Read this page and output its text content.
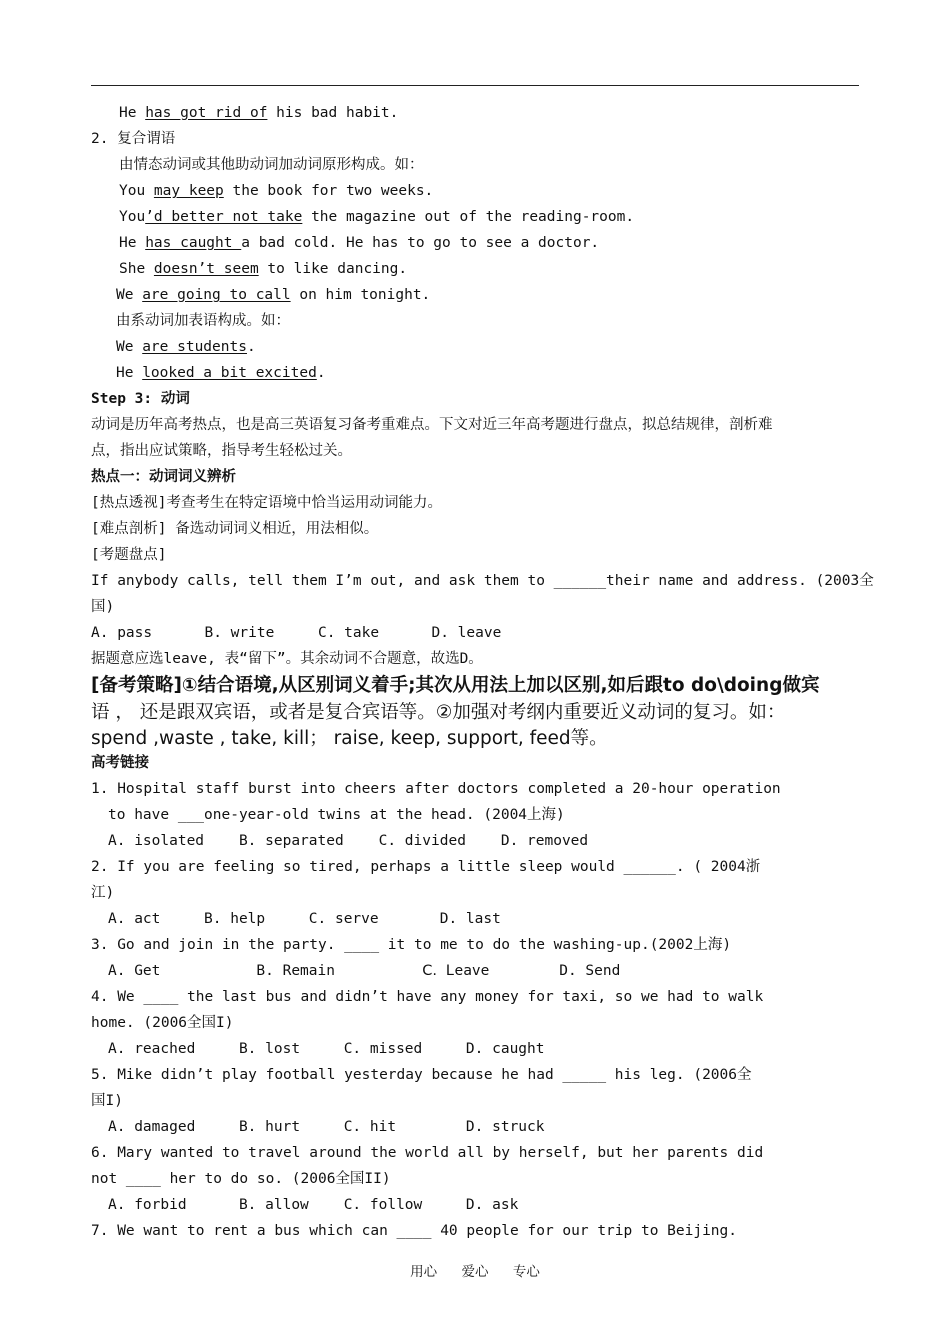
He has got rid of his bad habit.
2. 复合谓语
由情态动词或其他助动词加动词原形构成。如：
You may keep the book for two weeks.
You’d better not take the magazine out of the reading-room.
He has caught a bad cold. He has to go to see a doctor.
She doesn’t seem to like dancing.
We are going to call on him tonight.
由系动词加表语构成。如：
We are students.
He looked a bit excited.
Step 3: 动词
动词是历年高考热点，也是高三英语复习备考重难点。下文对近三年高考题进行盘点，拟总结规律，剖析难
点，指出应试策略，指导考生轻松过关。
热点一：动词词义辨析
[热点透视]考查考生在特定语境中恰当运用动词能力。
[难点剖析] 备选动词词义相近，用法相似。
[考题盘点]
If anybody calls, tell them I’m out, and ask them to ______their name and address. (2003全
国)
A. pass      B. write     C. take      D. leave
据题意应选leave, 表“留下”。其余动词不合题意，故选D。
[备考策略]①结合语境,从区别词义着手;其次从用法上加以区别,如后跟to do\doing做宾
语 ， 还是跟双宾语，或者是复合宾语等。②加强对考纲内重要近义动词的复习。如：
spend ,waste , take, kill； raise, keep, support, feed等。
高考链接
1. Hospital staff burst into cheers after doctors completed a 20-hour operation
to have ___one-year-old twins at the head. (2004上海)
A. isolated    B. separated    C. divided    D. removed
2. If you are feeling so tired, perhaps a little sleep would ______. ( 2004浙
江)
A. act     B. help     C. serve       D. last
3. Go and join in the party. ____ it to me to do the washing-up.(2002上海)
A. Get           B. Remain          C. Leave        D. Send
4. We ____ the last bus and didn’t have any money for taxi, so we had to walk
home. (2006全国I)
A. reached     B. lost     C. missed     D. caught
5. Mike didn’t play football yesterday because he had _____ his leg. (2006全
国I)
A. damaged     B. hurt     C. hit        D. struck
6. Mary wanted to travel around the world all by herself, but her parents did
not ____ her to do so. (2006全国II)
A. forbid      B. allow    C. follow     D. ask
7. We want to rent a bus which can ____ 40 people for our trip to Beijing.
用心   爱心   专心
